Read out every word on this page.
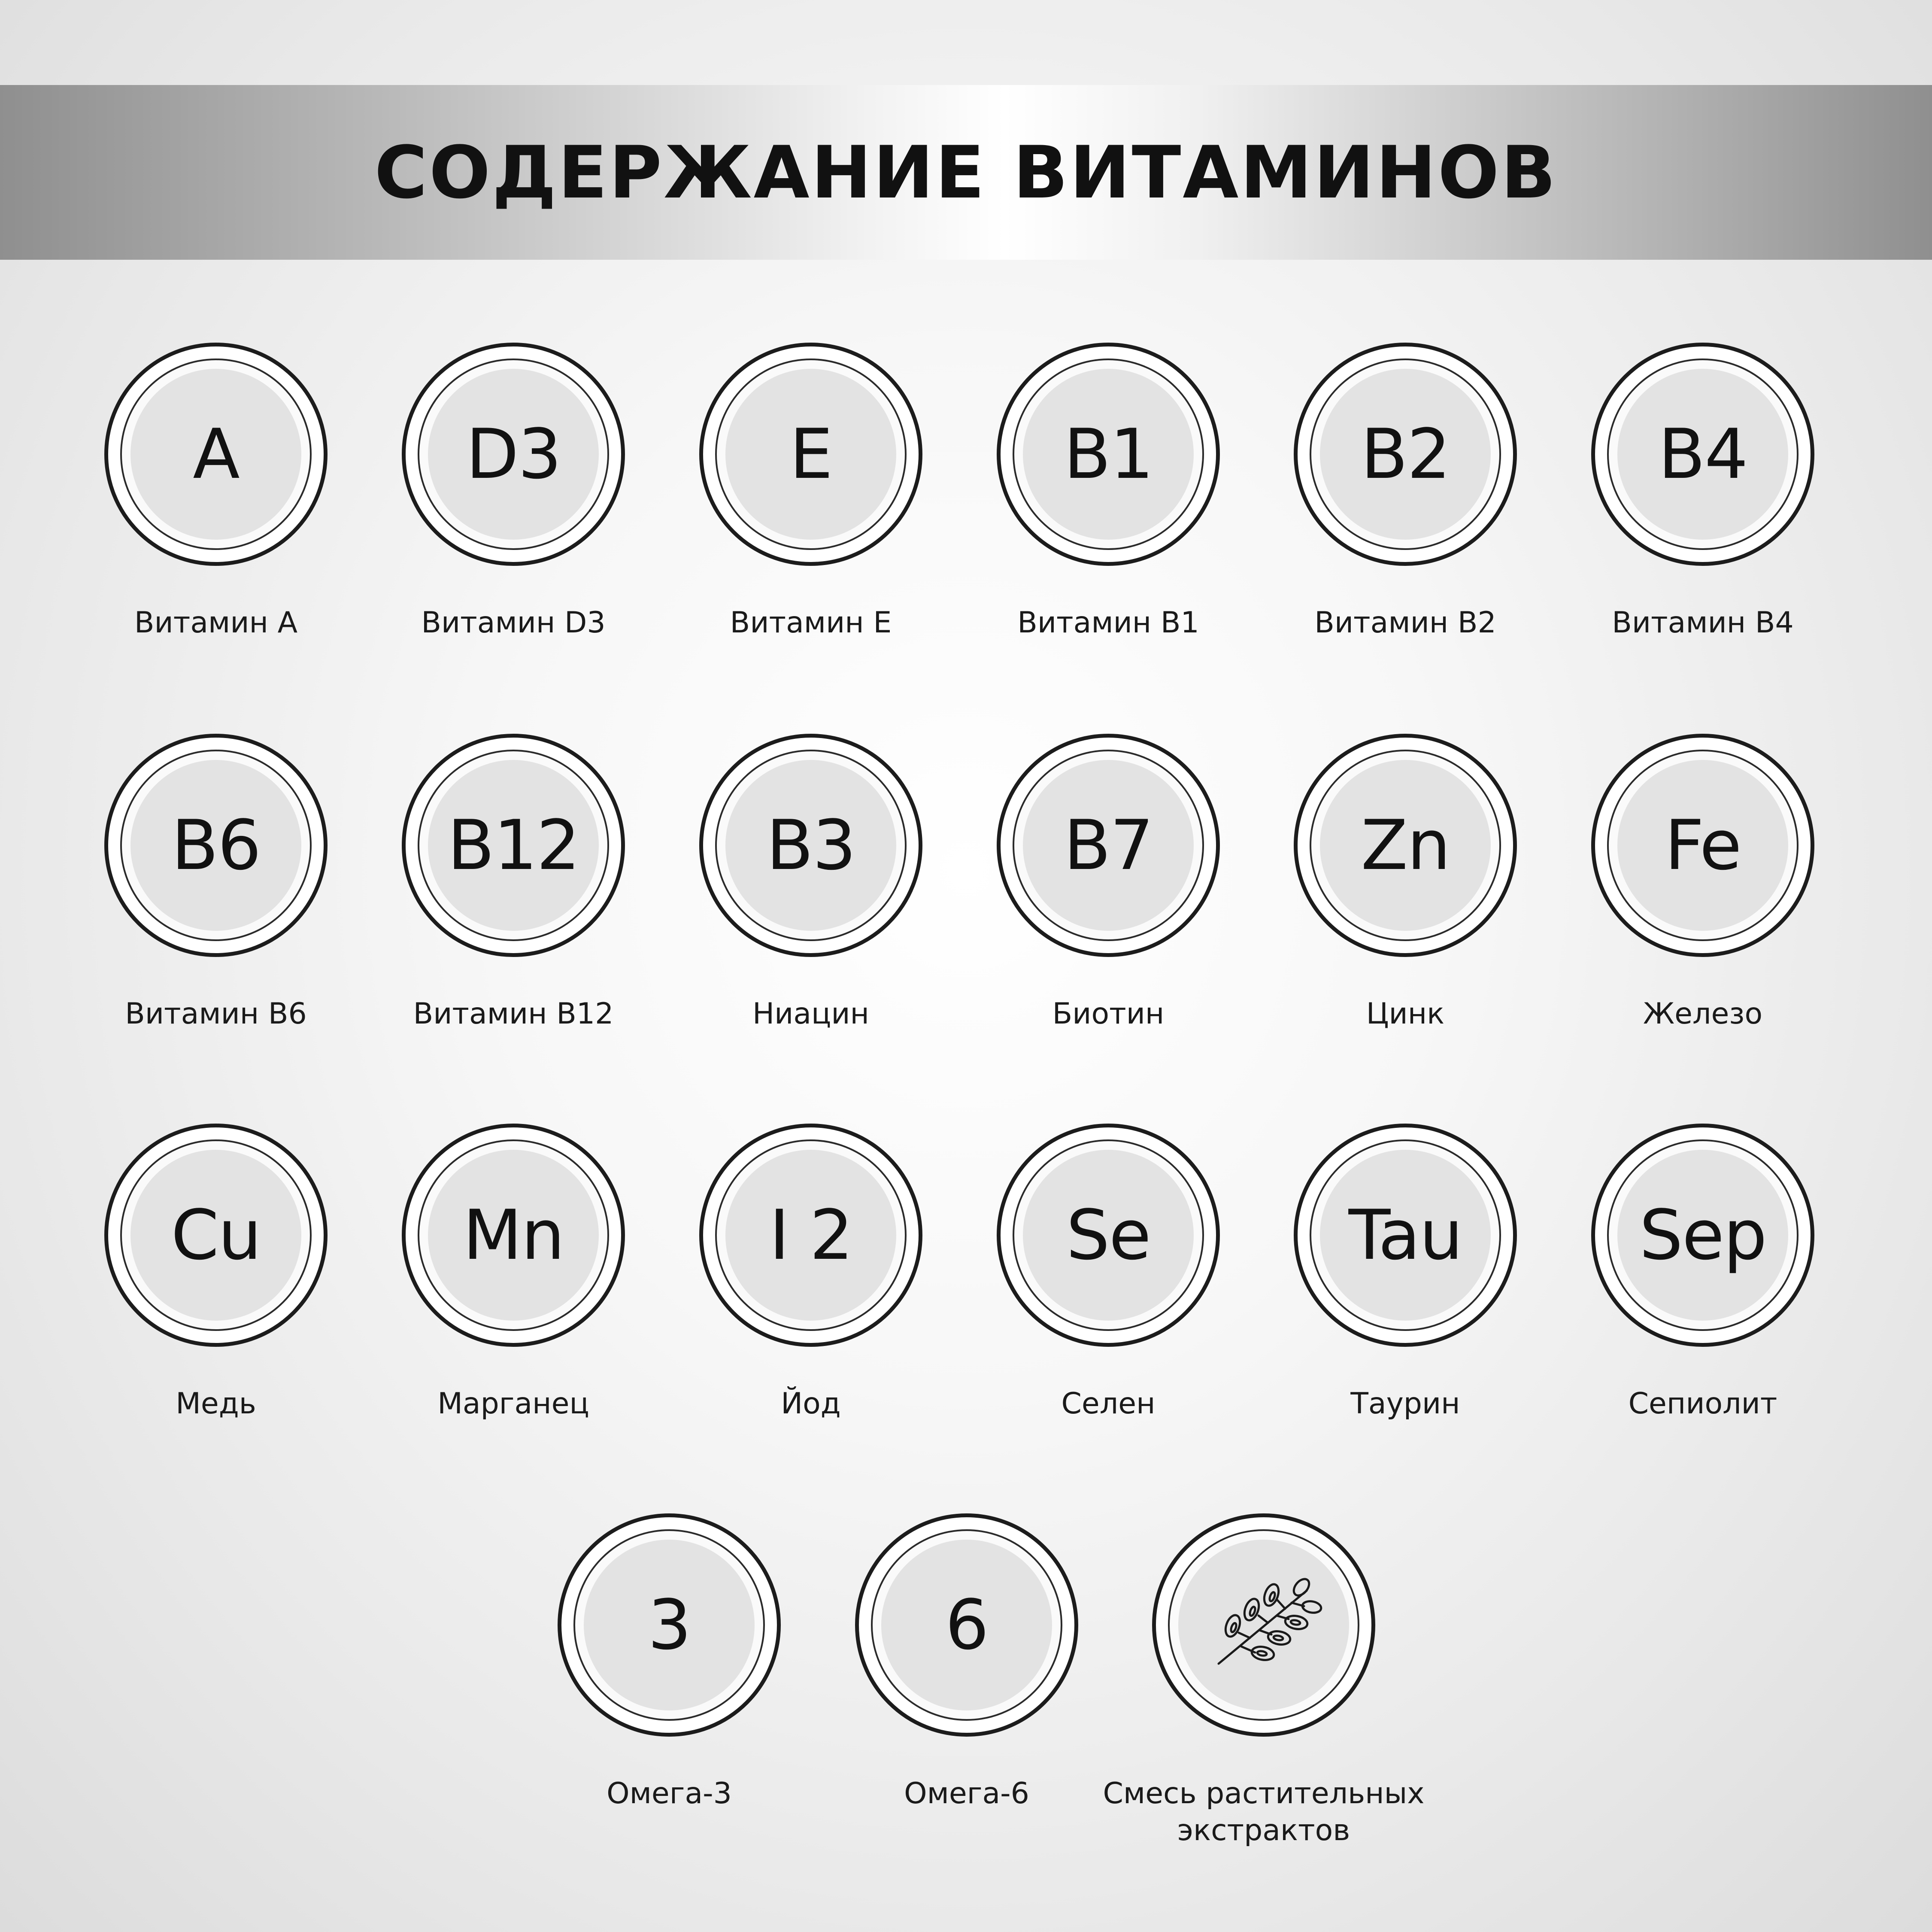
СОДЕРЖАНИЕ ВИТАМИНОВ
A
Витамин A
D3
Витамин D3
E
Витамин E
B1
Витамин B1
B2
Витамин B2
B4
Витамин B4
B6
Витамин B6
B12
Витамин B12
B3
Ниацин
B7
Биотин
Zn
Цинк
Fe
Железо
Cu
Медь
Mn
Марганец
I 2
Йод
Se
Селен
Tau
Таурин
Sep
Сепиолит
3
Омега-3
6
Омега-6	Смесь растительных
экстрактов
